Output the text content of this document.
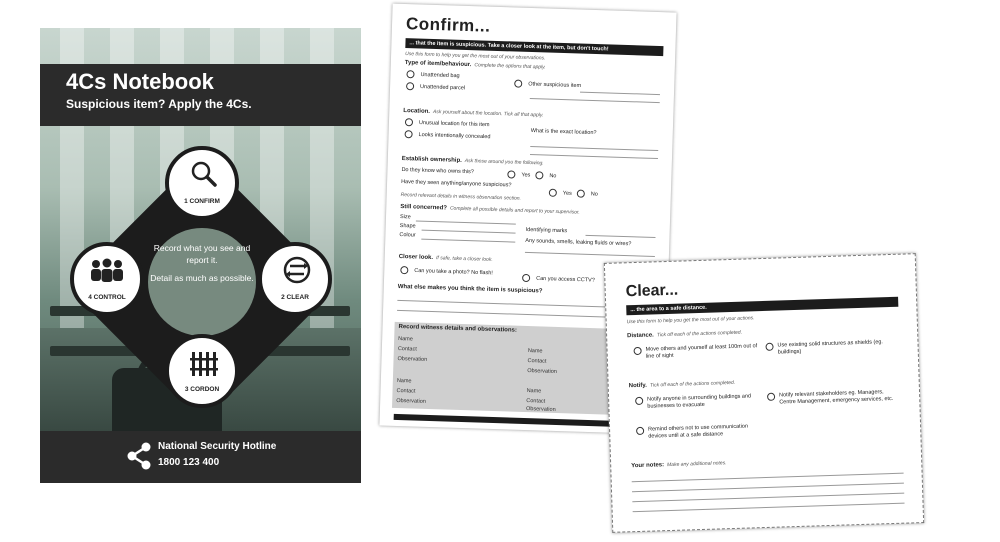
4Cs Notebook
Suspicious item? Apply the 4Cs.

Record what you see and report it.

Detail as much as possible.

1 CONFIRM
2 CLEAR
3 CORDON
4 CONTROL
National Security Hotline
1800 123 400
Confirm...
... that the item is suspicious. Take a closer look at the item, but don't touch!
Use this form to help you get the most out of your observations.
Type of item/behaviour. Complete the options that apply.
Unattended bag
Unattended parcel	Other suspicious item
Location. Ask yourself about the location. Tick all that apply.
Unusual location for this item
Looks intentionally concealed	What is the exact location?
Establish ownership. Ask those around you the following.
Do they know who owns this?
Yes	No
Have they seen anything/anyone suspicious?
Yes	No
Record relevant details in witness observation section.
Still concerned? Complete all possible details and report to your supervisor.
Size
Shape
Colour
Identifying marks
Any sounds, smells, leaking fluids or wires?
Closer look. If safe, take a closer look.
Can you take a photo? No flash!
Can you access CCTV?
What else makes you think the item is suspicious?
Record witness details and observations:
Name
Contact
Observation
Name
Contact
Observation
Name
Contact
Observation
Name
Contact
Observation
Clear...
... the area to a safe distance.
Use this form to help you get the most out of your actions.
Distance. Tick off each of the actions completed.
Move others and yourself at least 100m out of line of sight
Use existing solid structures as shields (eg. buildings)
Notify. Tick off each of the actions completed.
Notify anyone in surrounding buildings and businesses to evacuate
Notify relevant stakeholders eg. Managers, Centre Management, emergency services, etc.
Remind others not to use communication devices until at a safe distance
Your notes: Make any additional notes.
